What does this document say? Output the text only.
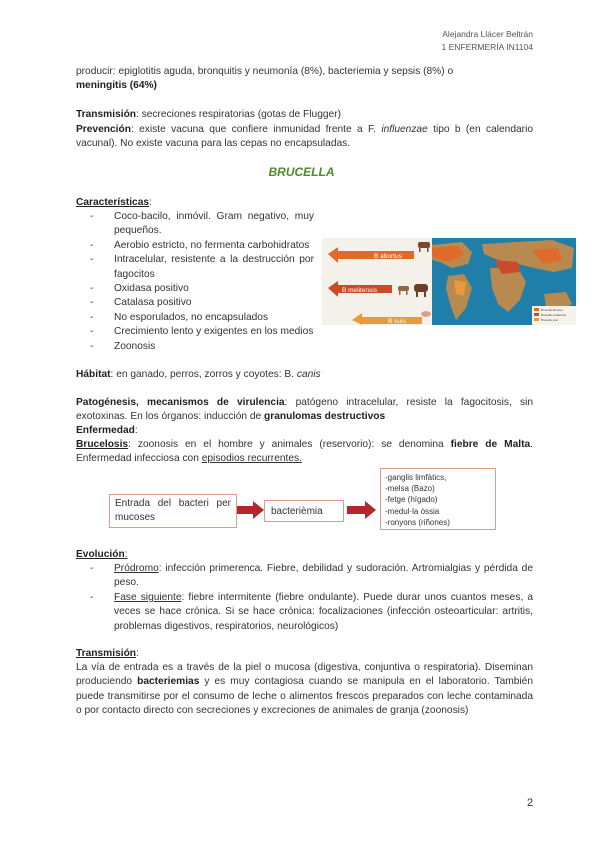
Alejandra Llácer Beltrán
1 ENFERMERÍA IN1104
producir: epiglotitis aguda, bronquitis y neumonía (8%), bacteriemia y sepsis (8%) o
meningitis (64%)
Transmisión: secreciones respiratorias (gotas de Flugger)
Prevención: existe vacuna que confiere inmunidad frente a F. influenzae tipo b (en calendario vacunal). No existe vacuna para las cepas no encapsuladas.
BRUCELLA
Características:
- Coco-bacilo, inmóvil. Gram negativo, muy pequeños.
- Aerobio estricto, no fermenta carbohidratos
- Intracelular, resistente a la destrucción por fagocitos
- Oxidasa positivo
- Catalasa positivo
- No esporulados, no encapsulados
- Crecimiento lento y exigentes en los medios
- Zoonosis
B abortus
B melitensis
B suis
Brucella abortus
Brucella melitensis
Brucella suis
Hábitat: en ganado, perros, zorros y coyotes: B. canis
Patogénesis, mecanismos de virulencia: patógeno intracelular, resiste la fagocitosis, sin exotoxinas. En los órganos: inducción de granulomas destructivos
Enfermedad:
Brucelosis: zoonosis en el hombre y animales (reservorio): se denomina fiebre de Malta. Enfermedad infecciosa con episodios recurrentes.
Entrada del bacteri per mucoses
bacterièmia
-ganglis limfàtics,
-melsa (Bazo)
-fetge (hígado)
-medul·la òssia
-ronyons (riñones)
Evolución:
- Pródromo: infección primerenca. Fiebre, debilidad y sudoración. Artromialgias y pérdida de peso.
- Fase siguiente: fiebre intermitente (fiebre ondulante). Puede durar unos cuantos meses, a veces se hace crónica. Si se hace crónica: focalizaciones (infección osteoarticular: artritis, problemas digestivos, respiratorios, neurológicos)
Transmisión:
La vía de entrada es a través de la piel o mucosa (digestiva, conjuntiva o respiratoria). Diseminan produciendo bacteriemias y es muy contagiosa cuando se manipula en el laboratorio. También puede transmitirse por el consumo de leche o alimentos frescos preparados con leche contaminada o por contacto directo con secreciones y excreciones de animales de granja (zoonosis)
2
